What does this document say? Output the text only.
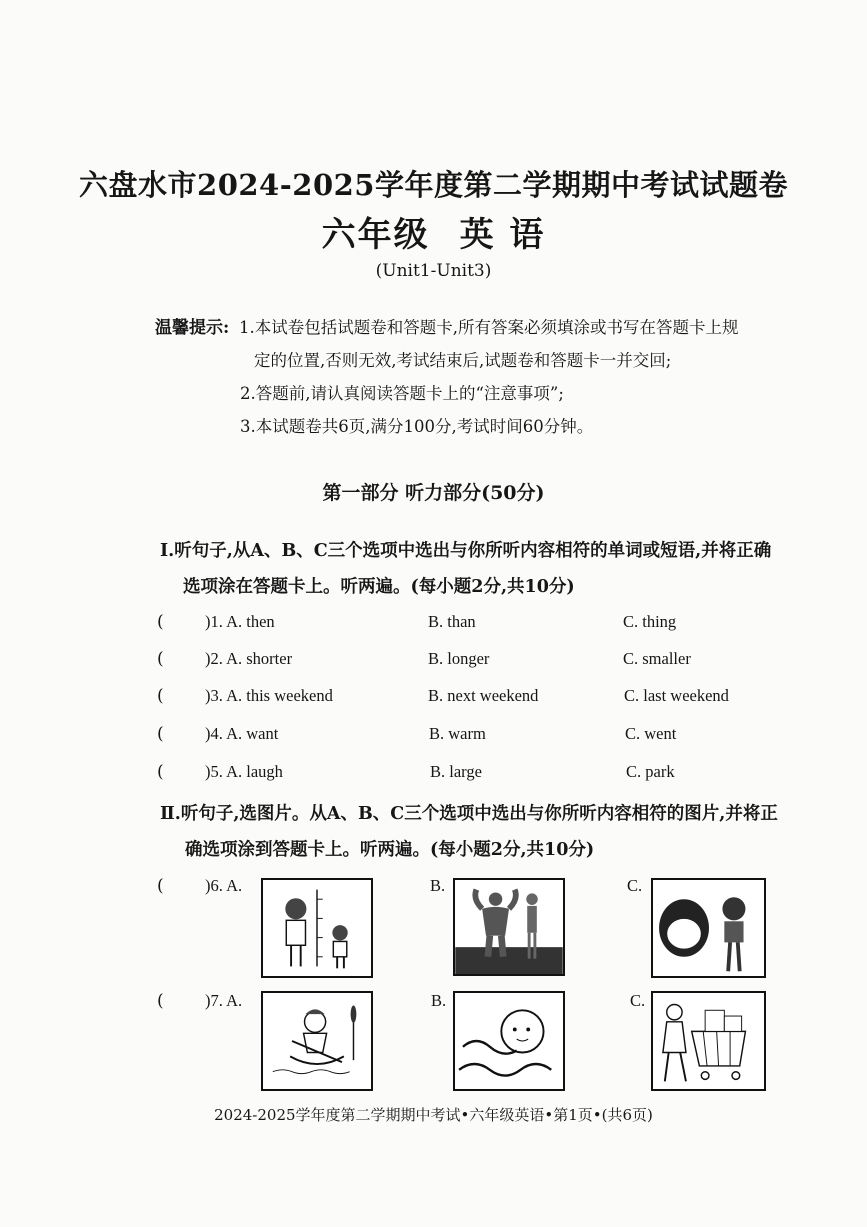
六盘水市2024-2025学年度第二学期期中考试试题卷
六年级 英 语
(Unit1-Unit3)
温馨提示: 1.本试卷包括试题卷和答题卡,所有答案必须填涂或书写在答题卡上规
定的位置,否则无效,考试结束后,试题卷和答题卡一并交回;
2.答题前,请认真阅读答题卡上的“注意事项”;
3.本试题卷共6页,满分100分,考试时间60分钟。
第一部分 听力部分(50分)
Ⅰ.听句子,从A、B、C三个选项中选出与你所听内容相符的单词或短语,并将正确
选项涂在答题卡上。听两遍。(每小题2分,共10分)
(	)1. A. then	B. than	C. thing
(	)2. A. shorter	B. longer	C. smaller
(	)3. A. this weekend	B. next weekend	C. last weekend
(	)4. A. want	B. warm	C. went
(	)5. A. laugh	B. large	C. park
Ⅱ.听句子,选图片。从A、B、C三个选项中选出与你所听内容相符的图片,并将正
确选项涂到答题卡上。听两遍。(每小题2分,共10分)
(	)6. A.	B.	C.
(	)7. A.	B.	C.
2024-2025学年度第二学期期中考试•六年级英语•第1页•(共6页)
